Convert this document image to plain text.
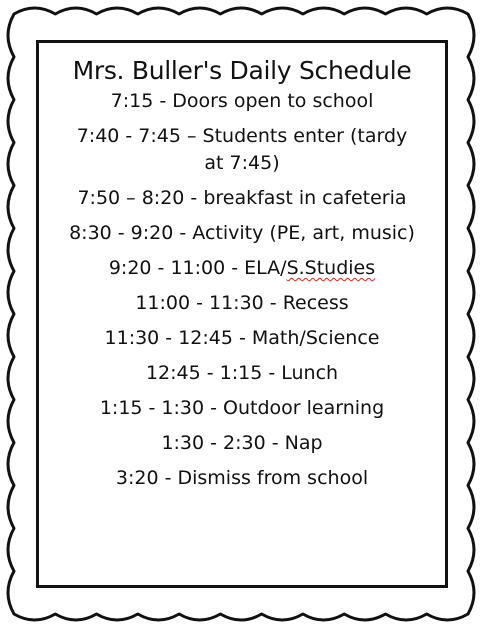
Mrs. Buller's Daily Schedule
7:15 - Doors open to school
7:40 - 7:45 – Students enter (tardy at 7:45)
7:50 – 8:20 - breakfast in cafeteria
8:30 - 9:20 - Activity (PE, art, music)
9:20 - 11:00 - ELA/S.Studies
11:00 - 11:30 - Recess
11:30 - 12:45 - Math/Science
12:45 - 1:15 - Lunch
1:15 - 1:30 - Outdoor learning
1:30 - 2:30 - Nap
3:20 - Dismiss from school
